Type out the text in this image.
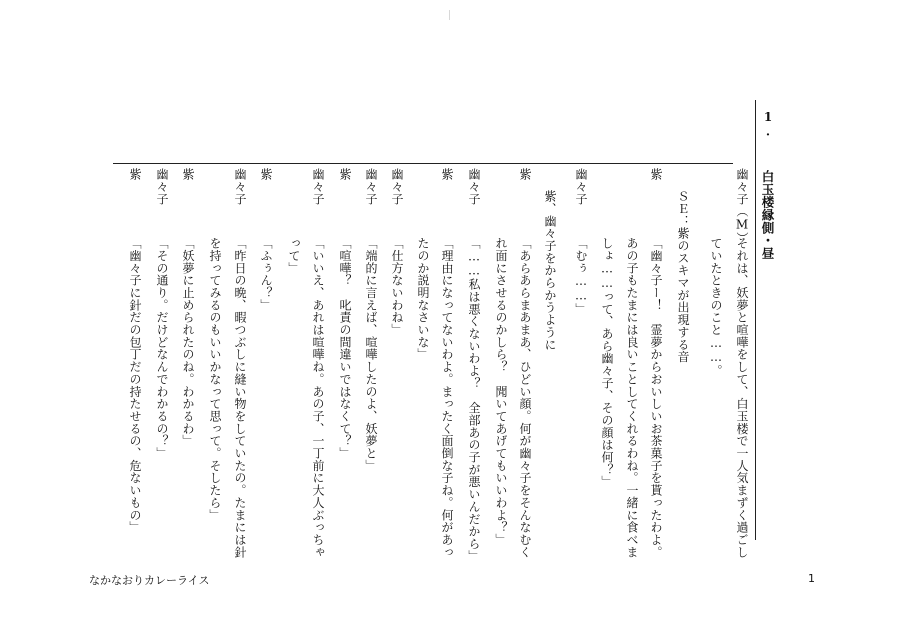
1.
白玉楼縁側・昼
幽々子（M）
それは、妖夢と喧嘩をして、白玉楼で一人気まずく過ごし
ていたときのこと……。
ＳＥ：紫のスキマが出現する音
紫
「幽々子ー！　霊夢からおいしいお茶菓子を貰ったわよ。
あの子もたまには良いことしてくれるわね。一緒に食べま
しょ……って、あら幽々子、その顔は何？」
幽々子
「むぅ……」
紫、幽々子をからかうように
紫
「あらあらまあまあ、ひどい顔。何が幽々子をそんなむく
れ面にさせるのかしら？　聞いてあげてもいいわよ？」
幽々子
「……私は悪くないわよ？　全部あの子が悪いんだから」
紫
「理由になってないわよ。まったく面倒な子ね。何があっ
たのか説明なさいな」
幽々子
「仕方ないわね」
幽々子
「端的に言えば、喧嘩したのよ、妖夢と」
紫
「喧嘩？　叱責の間違いではなくて？」
幽々子
「いいえ、あれは喧嘩ね。あの子、一丁前に大人ぶっちゃ
って」
紫
「ふぅん？」
幽々子
「昨日の晩、暇つぶしに縫い物をしていたの。たまには針
を持ってみるのもいいかなって思って。そしたら」
紫
「妖夢に止められたのね。わかるわ」
幽々子
「その通り。だけどなんでわかるの？」
紫
「幽々子に針だの包丁だの持たせるの、危ないもの」
なかなおりカレーライス	1
